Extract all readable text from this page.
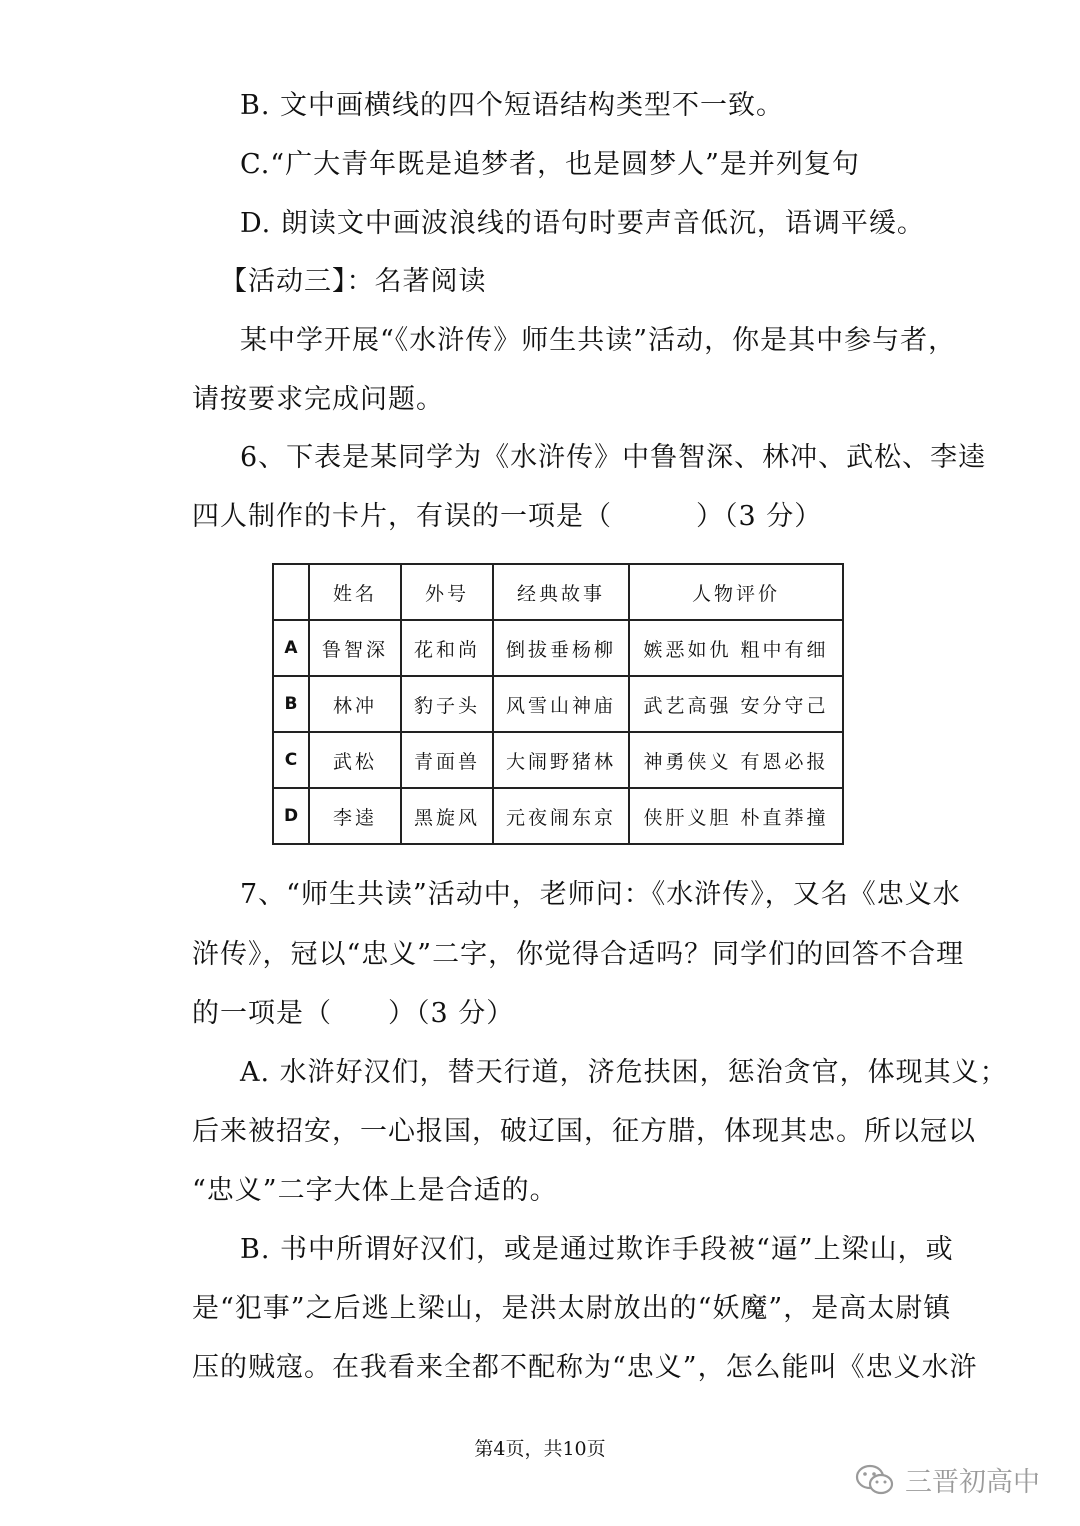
B. 文中画横线的四个短语结构类型不一致。
C.“广大青年既是追梦者，也是圆梦人”是并列复句
D. 朗读文中画波浪线的语句时要声音低沉，语调平缓。
【活动三】：名著阅读
某中学开展“《水浒传》师生共读”活动，你是其中参与者，
请按要求完成问题。
6、下表是某同学为《水浒传》中鲁智深、林冲、武松、李逵
四人制作的卡片，有误的一项是（　　　）（3 分）
	姓名	外号	经典故事	人物评价
A	鲁智深	花和尚	倒拔垂杨柳	嫉恶如仇 粗中有细
B	林冲	豹子头	风雪山神庙	武艺高强 安分守己
C	武松	青面兽	大闹野猪林	神勇侠义 有恩必报
D	李逵	黑旋风	元夜闹东京	侠肝义胆 朴直莽撞
7、“师生共读”活动中，老师问：《水浒传》，又名《忠义水
浒传》，冠以“忠义”二字，你觉得合适吗？同学们的回答不合理
的一项是（　　）（3 分）
A. 水浒好汉们，替天行道，济危扶困，惩治贪官，体现其义；
后来被招安，一心报国，破辽国，征方腊，体现其忠。所以冠以
“忠义”二字大体上是合适的。
B. 书中所谓好汉们，或是通过欺诈手段被“逼”上梁山，或
是“犯事”之后逃上梁山，是洪太尉放出的“妖魔”，是高太尉镇
压的贼寇。在我看来全都不配称为“忠义”，怎么能叫《忠义水浒
第4页，共10页
三晋初高中
